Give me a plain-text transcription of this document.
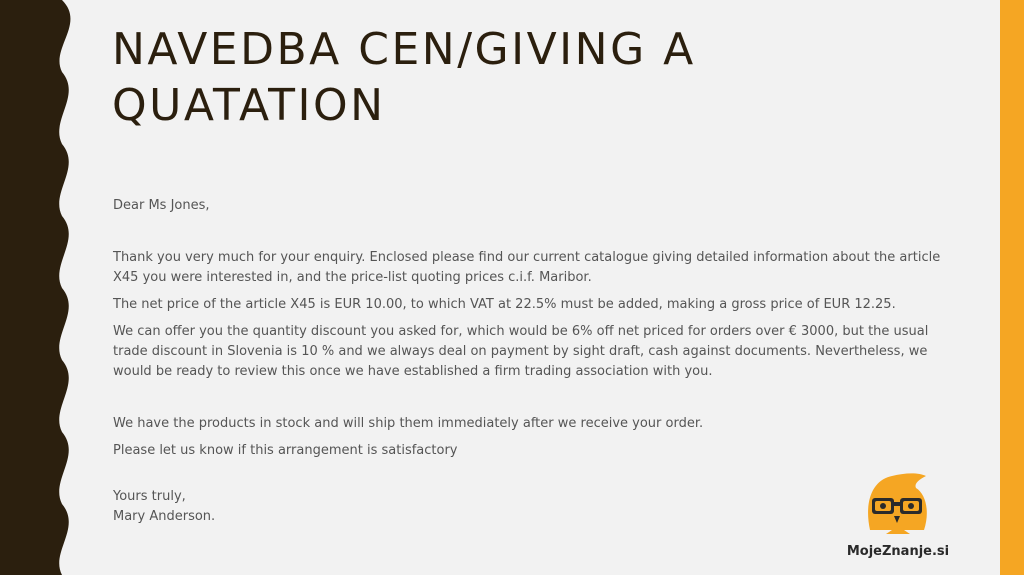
NAVEDBA CEN/GIVING A QUATATION

Dear Ms Jones,

Thank you very much for your enquiry. Enclosed please find our current catalogue giving detailed information about the article X45 you were interested in, and the price-list quoting prices c.i.f. Maribor.

The net price of the article X45 is EUR 10.00, to which VAT at 22.5% must be added, making a gross price of EUR 12.25.

We can offer you the quantity discount you asked for, which would be 6% off net priced for orders over € 3000, but the usual trade discount in Slovenia is 10 % and we always deal on payment by sight draft, cash against documents. Nevertheless, we would be ready to review this once we have established a firm trading association with you.

We have the products in stock and will ship them immediately after we receive your order.

Please let us know if this arrangement is satisfactory

Yours truly,

Mary Anderson.

MojeZnanje.si
